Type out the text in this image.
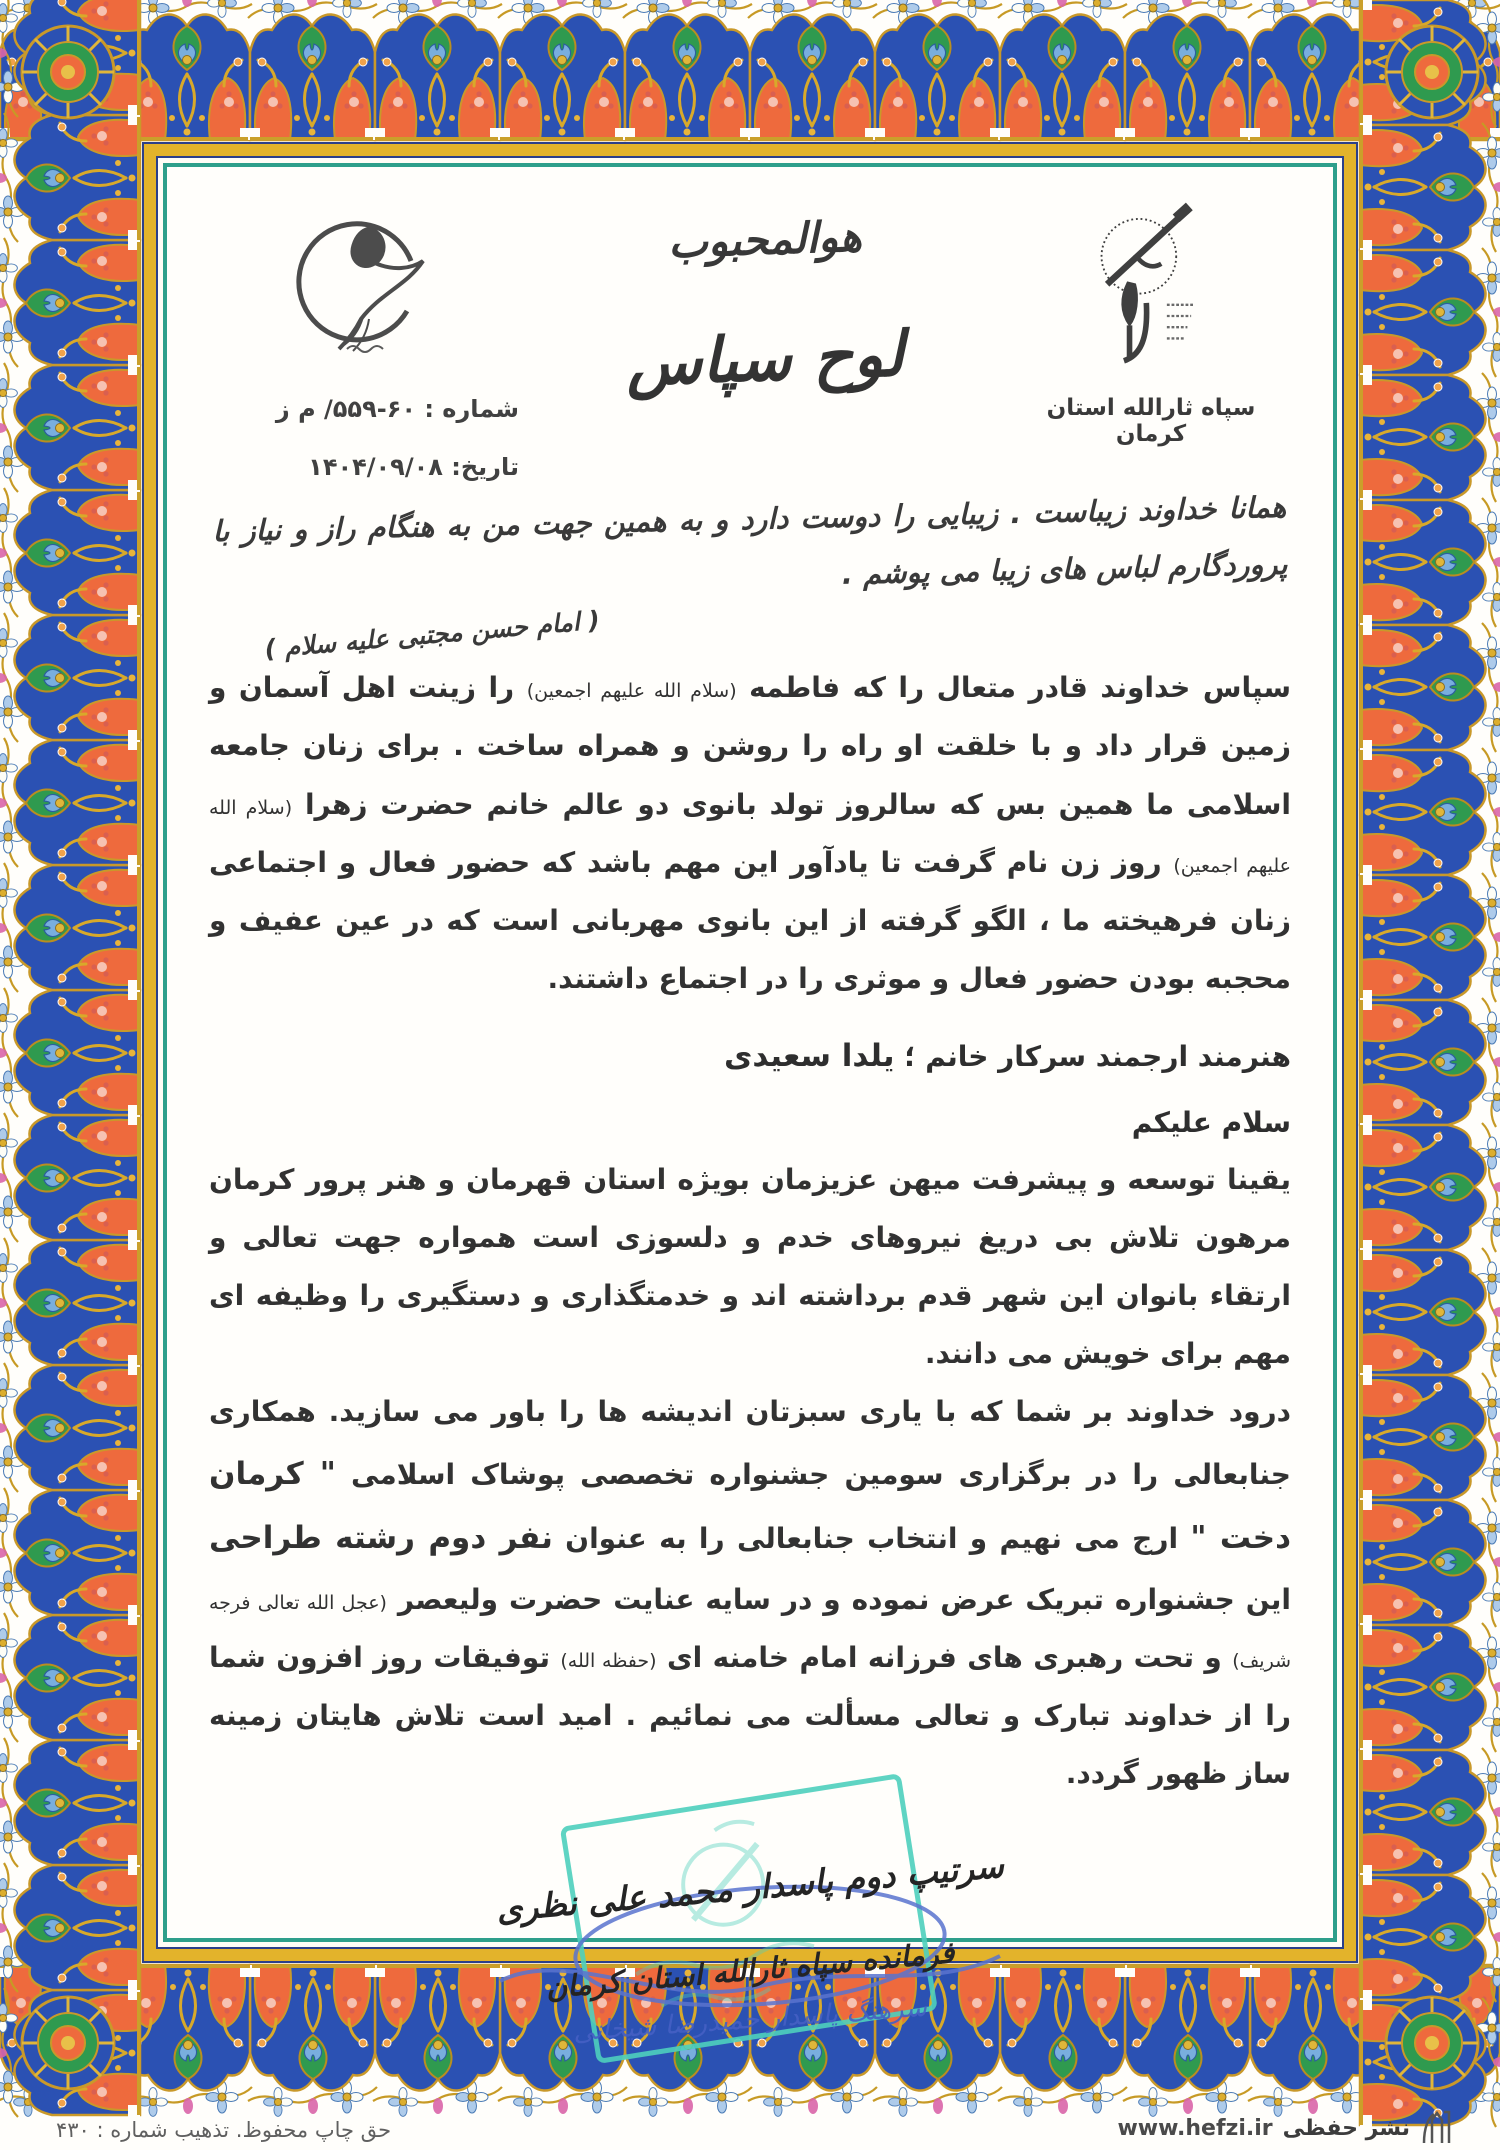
سپاه ثارالله استان کرمان
هوالمحبوب
لوح سپاس
شماره : ۶۰-۵۵۹/ م ز
تاریخ: ۱۴۰۴/۰۹/۰۸
همانا خداوند زیباست . زیبایی را دوست دارد و به همین جهت من به هنگام راز و نیاز با پروردگارم لباس های زیبا می پوشم .
( امام حسن مجتبی علیه سلام )

سپاس خداوند قادر متعال را که فاطمه (سلام الله علیهم اجمعین) را زینت اهل آسمان و زمین قرار داد و با خلقت او راه را روشن و همراه ساخت . برای زنان جامعه اسلامی ما همین بس که سالروز تولد بانوی دو عالم خانم حضرت زهرا (سلام الله علیهم اجمعین) روز زن نام گرفت تا یادآور این مهم باشد که حضور فعال و اجتماعی زنان فرهیخته ما ، الگو گرفته از این بانوی مهربانی است که در عین عفیف و محجبه بودن حضور فعال و موثری را در اجتماع داشتند.

هنرمند ارجمند سرکار خانم ؛ یلدا سعیدی
سلام علیکم

یقینا توسعه و پیشرفت میهن عزیزمان بویژه استان قهرمان و هنر پرور کرمان مرهون تلاش بی دریغ نیروهای خدم و دلسوزی است همواره جهت تعالی و ارتقاء بانوان این شهر قدم برداشته اند و خدمتگذاری و دستگیری را وظیفه ای مهم برای خویش می دانند.

درود خداوند بر شما که با یاری سبزتان اندیشه ها را باور می سازید. همکاری جنابعالی را در برگزاری سومین جشنواره تخصصی پوشاک اسلامی " کرمان دخت " ارج می نهیم و انتخاب جنابعالی را به عنوان نفر دوم رشته طراحی این جشنواره تبریک عرض نموده و در سایه عنایت حضرت ولیعصر (عجل الله تعالی فرجه شریف) و تحت رهبری های فرزانه امام خامنه ای (حفظه الله) توفیقات روز افزون شما را از خداوند تبارک و تعالی مسألت می نمائیم . امید است تلاش هایتان زمینه ساز ظهور گردد.

سرتیپ دوم پاسدار محمد علی نظری
فرمانده سپاه ثارالله استان کرمان
سرهنگ پاسدار حمیدرضا شیخانی
حق چاپ محفوظ. تذهیب شماره : ۴۳۰	www.hefzi.ir نشر حفظی
